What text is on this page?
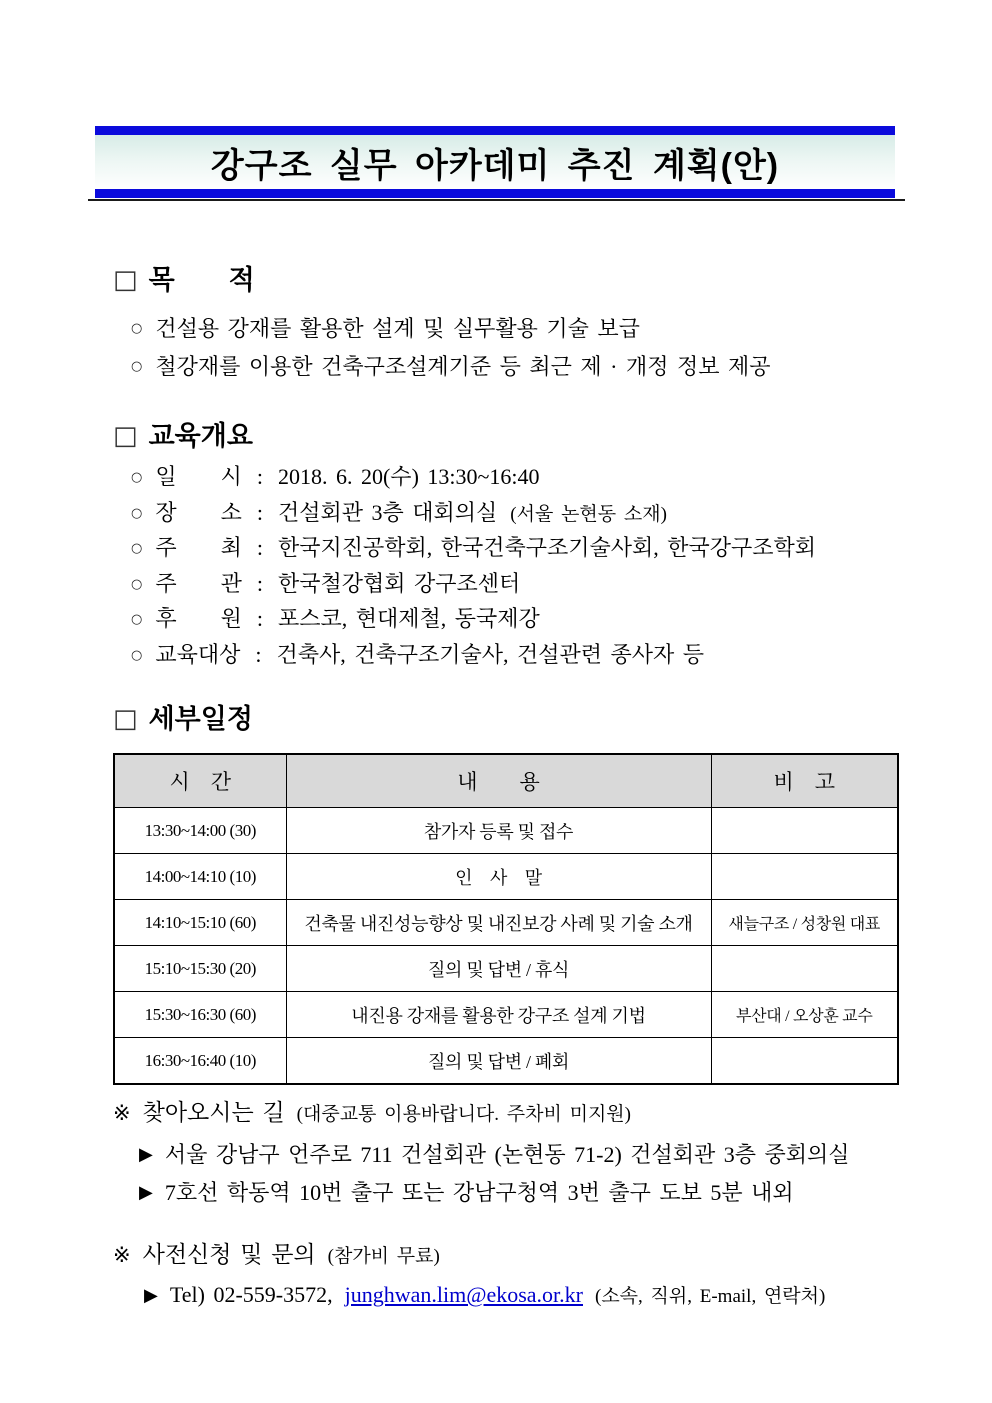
강구조 실무 아카데미 추진 계획(안)
□ 목　　적
○ 건설용 강재를 활용한 설계 및 실무활용 기술 보급
○ 철강재를 이용한 건축구조설계기준 등 최근 제 · 개정 정보 제공
□ 교육개요
○ 일　　시 : 2018. 6. 20(수) 13:30~16:40
○ 장　　소 : 건설회관 3층 대회의실 (서울 논현동 소재)
○ 주　　최 : 한국지진공학회, 한국건축구조기술사회, 한국강구조학회
○ 주　　관 : 한국철강협회 강구조센터
○ 후　　원 : 포스코, 현대제철, 동국제강
○ 교육대상 : 건축사, 건축구조기술사, 건설관련 종사자 등
□ 세부일정
시　간	내　　용	비　고
13:30~14:00 (30)	참가자 등록 및 접수	
14:00~14:10 (10)	인　사　말	
14:10~15:10 (60)	건축물 내진성능향상 및 내진보강 사례 및 기술 소개	새늘구조 / 성창원 대표
15:10~15:30 (20)	질의 및 답변 / 휴식	
15:30~16:30 (60)	내진용 강재를 활용한 강구조 설계 기법	부산대 / 오상훈 교수
16:30~16:40 (10)	질의 및 답변 / 폐회	
※ 찾아오시는 길 (대중교통 이용바랍니다. 주차비 미지원)
▶ 서울 강남구 언주로 711 건설회관 (논현동 71-2) 건설회관 3층 중회의실
▶ 7호선 학동역 10번 출구 또는 강남구청역 3번 출구 도보 5분 내외
※ 사전신청 및 문의 (참가비 무료)
▶ Tel) 02-559-3572, junghwan.lim@ekosa.or.kr (소속, 직위, E-mail, 연락처)
